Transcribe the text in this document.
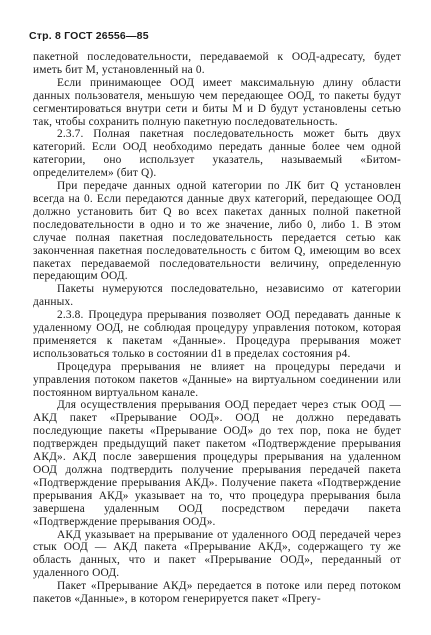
Стр. 8 ГОСТ 26556—85

пакетной последовательности, передаваемой к ООД-адресату, будет иметь бит М, установленный на 0.

Если принимающее ООД имеет максимальную длину области данных пользователя, меньшую чем передающее ООД, то пакеты будут сегментироваться внутри сети и биты М и D будут установлены сетью так, чтобы сохранить полную пакетную последовательность.

2.3.7. Полная пакетная последовательность может быть двух категорий. Если ООД необходимо передать данные более чем одной категории, оно использует указатель, называемый «Битом-определителем» (бит Q).

При передаче данных одной категории по ЛК бит Q установлен всегда на 0. Если передаются данные двух категорий, передающее ООД должно установить бит Q во всех пакетах данных полной пакетной последовательности в одно и то же значение, либо 0, либо 1. В этом случае полная пакетная последовательность передается сетью как законченная пакетная последовательность с битом Q, имеющим во всех пакетах передаваемой последовательности величину, определенную передающим ООД.

Пакеты нумеруются последовательно, независимо от категории данных.

2.3.8. Процедура прерывания позволяет ООД передавать данные к удаленному ООД, не соблюдая процедуру управления потоком, которая применяется к пакетам «Данные». Процедура прерывания может использоваться только в состоянии d1 в пределах состояния р4.

Процедура прерывания не влияет на процедуры передачи и управления потоком пакетов «Данные» на виртуальном соединении или постоянном виртуальном канале.

Для осуществления прерывания ООД передает через стык ООД — АКД пакет «Прерывание ООД». ООД не должно передавать последующие пакеты «Прерывание ООД» до тех пор, пока не будет подтвержден предыдущий пакет пакетом «Подтверждение прерывания АКД». АКД после завершения процедуры прерывания на удаленном ООД должна подтвердить получение прерывания передачей пакета «Подтверждение прерывания АКД». Получение пакета «Подтверждение прерывания АКД» указывает на то, что процедура прерывания была завершена удаленным ООД посредством передачи пакета «Подтверждение прерывания ООД».

АКД указывает на прерывание от удаленного ООД передачей через стык ООД — АКД пакета «Прерывание АКД», содержащего ту же область данных, что и пакет «Прерывание ООД», переданный от удаленного ООД.

Пакет «Прерывание АКД» передается в потоке или перед потоком пакетов «Данные», в котором генерируется пакет «Прery-
